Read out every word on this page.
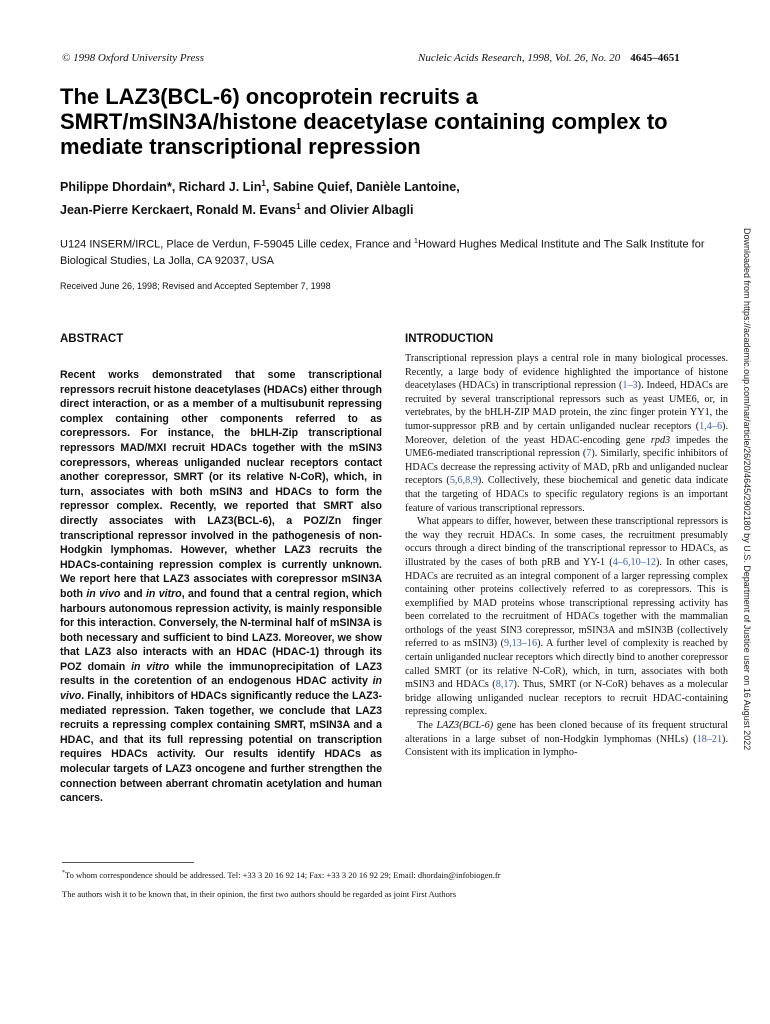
© 1998 Oxford University Press	Nucleic Acids Research, 1998, Vol. 26, No. 20 4645–4651
The LAZ3(BCL-6) oncoprotein recruits a SMRT/mSIN3A/histone deacetylase containing complex to mediate transcriptional repression
Philippe Dhordain*, Richard J. Lin$^1$, Sabine Quief, Danièle Lantoine,
Jean-Pierre Kerckaert, Ronald M. Evans$^1$ and Olivier Albagli
U124 INSERM/IRCL, Place de Verdun, F-59045 Lille cedex, France and $^1$Howard Hughes Medical Institute and The Salk Institute for Biological Studies, La Jolla, CA 92037, USA
Received June 26, 1998; Revised and Accepted September 7, 1998
ABSTRACT	INTRODUCTION
Recent works demonstrated that some transcriptional repressors recruit histone deacetylases (HDACs) either through direct interaction, or as a member of a multisubunit repressing complex containing other components referred to as corepressors. For instance, the bHLH-Zip transcriptional repressors MAD/MXI recruit HDACs together with the mSIN3 corepressors, whereas unliganded nuclear receptors contact another corepressor, SMRT (or its relative N-CoR), which, in turn, associates with both mSIN3 and HDACs to form the repressor complex. Recently, we reported that SMRT also directly associates with LAZ3(BCL-6), a POZ/Zn finger transcriptional repressor involved in the pathogenesis of non-Hodgkin lymphomas. However, whether LAZ3 recruits the HDACs-containing repression complex is currently unknown. We report here that LAZ3 associates with corepressor mSIN3A both in vivo and in vitro, and found that a central region, which harbours autonomous repression activity, is mainly responsible for this interaction. Conversely, the N-terminal half of mSIN3A is both necessary and sufficient to bind LAZ3. Moreover, we show that LAZ3 also interacts with an HDAC (HDAC-1) through its POZ domain in vitro while the immunoprecipitation of LAZ3 results in the coretention of an endogenous HDAC activity in vivo. Finally, inhibitors of HDACs significantly reduce the LAZ3-mediated repression. Taken together, we conclude that LAZ3 recruits a repressing complex containing SMRT, mSIN3A and a HDAC, and that its full repressing potential on transcription requires HDACs activity. Our results identify HDACs as molecular targets of LAZ3 oncogene and further strengthen the connection between aberrant chromatin acetylation and human cancers.

Transcriptional repression plays a central role in many biological processes. Recently, a large body of evidence highlighted the importance of histone deacetylases (HDACs) in transcriptional repression (1–3). Indeed, HDACs are recruited by several transcriptional repressors such as yeast UME6, or, in vertebrates, by the bHLH-ZIP MAD protein, the zinc finger protein YY1, the tumor-suppressor pRB and by certain unliganded nuclear receptors (1,4–6). Moreover, deletion of the yeast HDAC-encoding gene rpd3 impedes the UME6-mediated transcriptional repression (7). Similarly, specific inhibitors of HDACs decrease the repressing activity of MAD, pRb and unliganded nuclear receptors (5,6,8,9). Collectively, these biochemical and genetic data indicate that the targeting of HDACs to specific regulatory regions is an important feature of various transcriptional repressors.

What appears to differ, however, between these transcriptional repressors is the way they recruit HDACs. In some cases, the recruitment presumably occurs through a direct binding of the transcriptional repressor to HDACs, as illustrated by the cases of both pRB and YY-1 (4–6,10–12). In other cases, HDACs are recruited as an integral component of a larger repressing complex containing other proteins collectively referred to as corepressors. This is exemplified by MAD proteins whose transcriptional repressing activity has been correlated to the recruitment of HDACs together with the mammalian orthologs of the yeast SIN3 corepressor, mSIN3A and mSIN3B (collectively referred to as mSIN3) (9,13–16). A further level of complexity is reached by certain unliganded nuclear receptors which directly bind to another corepressor called SMRT (or its relative N-CoR), which, in turn, associates with both mSIN3 and HDACs (8,17). Thus, SMRT (or N-CoR) behaves as a molecular bridge allowing unliganded nuclear receptors to recruit HDAC-containing repressing complex.

The LAZ3(BCL-6) gene has been cloned because of its frequent structural alterations in a large subset of non-Hodgkin lymphomas (NHLs) (18–21). Consistent with its implication in lympho-

Downloaded from https://academic.oup.com/nar/article/26/20/4645/2902180 by U.S. Department of Justice user on 16 August 2022
*To whom correspondence should be addressed. Tel: +33 3 20 16 92 14; Fax: +33 3 20 16 92 29; Email: dhordain@infobiogen.fr
The authors wish it to be known that, in their opinion, the first two authors should be regarded as joint First Authors
